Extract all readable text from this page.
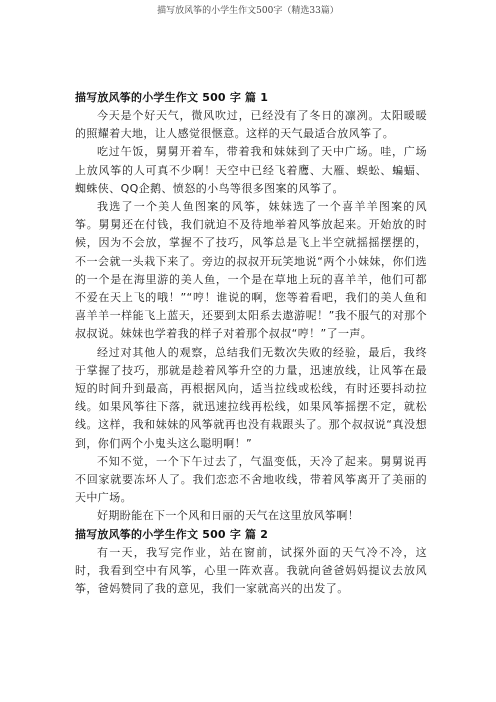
描写放风筝的小学生作文500字（精选33篇）
描写放风筝的小学生作文 500 字 篇 1

今天是个好天气，微风吹过，已经没有了冬日的凛冽。太阳暖暖的照耀着大地，让人感觉很惬意。这样的天气最适合放风筝了。

吃过午饭，舅舅开着车，带着我和妹妹到了天中广场。哇，广场上放风筝的人可真不少啊！天空中已经飞着鹰、大雁、蜈蚣、蝙蝠、蜘蛛侠、QQ企鹅、愤怒的小鸟等很多图案的风筝了。

我选了一个美人鱼图案的风筝，妹妹选了一个喜羊羊图案的风筝。舅舅还在付钱，我们就迫不及待地举着风筝放起来。开始放的时候，因为不会放，掌握不了技巧，风筝总是飞上半空就摇摇摆摆的，不一会就一头栽下来了。旁边的叔叔开玩笑地说“两个小妹妹，你们选的一个是在海里游的美人鱼，一个是在草地上玩的喜羊羊，他们可都不爱在天上飞的哦！”“哼！谁说的啊，您等着看吧，我们的美人鱼和喜羊羊一样能飞上蓝天，还要到太阳系去遨游呢！”我不服气的对那个叔叔说。妹妹也学着我的样子对着那个叔叔“哼！”了一声。

经过对其他人的观察，总结我们无数次失败的经验，最后，我终于掌握了技巧，那就是趁着风筝升空的力量，迅速放线，让风筝在最短的时间升到最高，再根据风向，适当拉线或松线，有时还要抖动拉线。如果风筝往下落，就迅速拉线再松线，如果风筝摇摆不定，就松线。这样，我和妹妹的风筝就再也没有栽跟头了。那个叔叔说“真没想到，你们两个小鬼头这么聪明啊！”

不知不觉，一个下午过去了，气温变低，天冷了起来。舅舅说再不回家就要冻坏人了。我们恋恋不舍地收线，带着风筝离开了美丽的天中广场。

好期盼能在下一个风和日丽的天气在这里放风筝啊！

描写放风筝的小学生作文 500 字 篇 2

有一天，我写完作业，站在窗前，试探外面的天气冷不冷，这时，我看到空中有风筝，心里一阵欢喜。我就向爸爸妈妈提议去放风筝，爸妈赞同了我的意见，我们一家就高兴的出发了。
